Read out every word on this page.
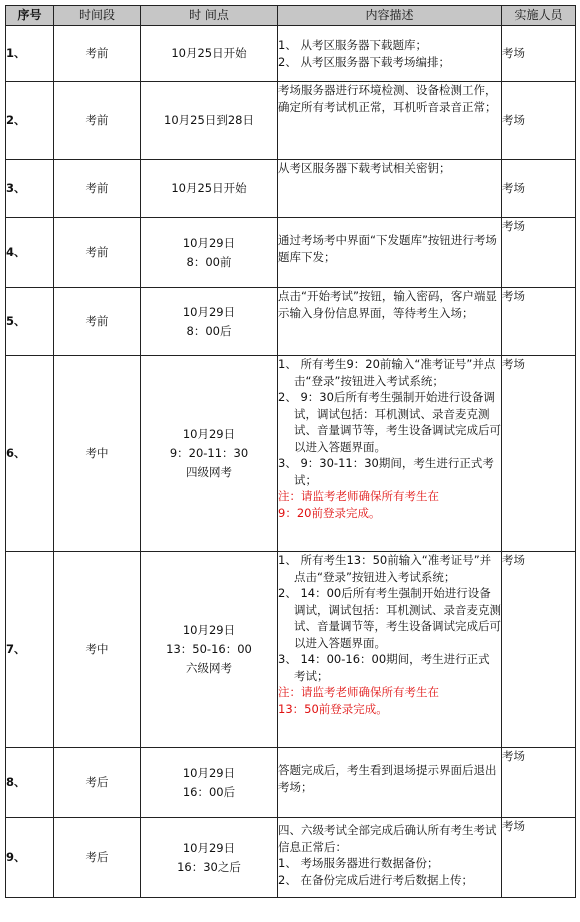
序号	时间段	时 间点	内容描述	实施人员
1、	考前	10月25日开始	1、 从考区服务器下载题库；
2、 从考区服务器下载考场编排；	考场
2、	考前	10月25日到28日	考场服务器进行环境检测、设备检测工作，确定所有考试机正常，耳机听音录音正常；	考场
3、	考前	10月25日开始	从考区服务器下载考试相关密钥；	考场
4、	考前	10月29日
8：00前	通过考场考中界面“下发题库”按钮进行考场题库下发；	考场
5、	考前	10月29日
8：00后	点击“开始考试”按钮，输入密码，客户端显示输入身份信息界面，等待考生入场；	考场
6、	考中	10月29日
9：20-11：30
四级网考	1、 所有考生9：20前输入“准考证号”并点击“登录”按钮进入考试系统；
2、 9：30后所有考生强制开始进行设备调试，调试包括：耳机测试、录音麦克测试、音量调节等，考生设备调试完成后可以进入答题界面。
3、 9：30-11：30期间，考生进行正式考试；
注：请监考老师确保所有考生在
9：20前登录完成。	考场
7、	考中	10月29日
13：50-16：00
六级网考	1、 所有考生13：50前输入“准考证号”并点击“登录”按钮进入考试系统；
2、 14：00后所有考生强制开始进行设备调试，调试包括：耳机测试、录音麦克测试、音量调节等，考生设备调试完成后可以进入答题界面。
3、 14：00-16：00期间，考生进行正式考试；
注：请监考老师确保所有考生在
13：50前登录完成。	考场
8、	考后	10月29日
16：00后	答题完成后，考生看到退场提示界面后退出考场；	考场
9、	考后	10月29日
16：30之后	四、六级考试全部完成后确认所有考生考试信息正常后：
1、 考场服务器进行数据备份；
2、 在备份完成后进行考后数据上传；	考场
